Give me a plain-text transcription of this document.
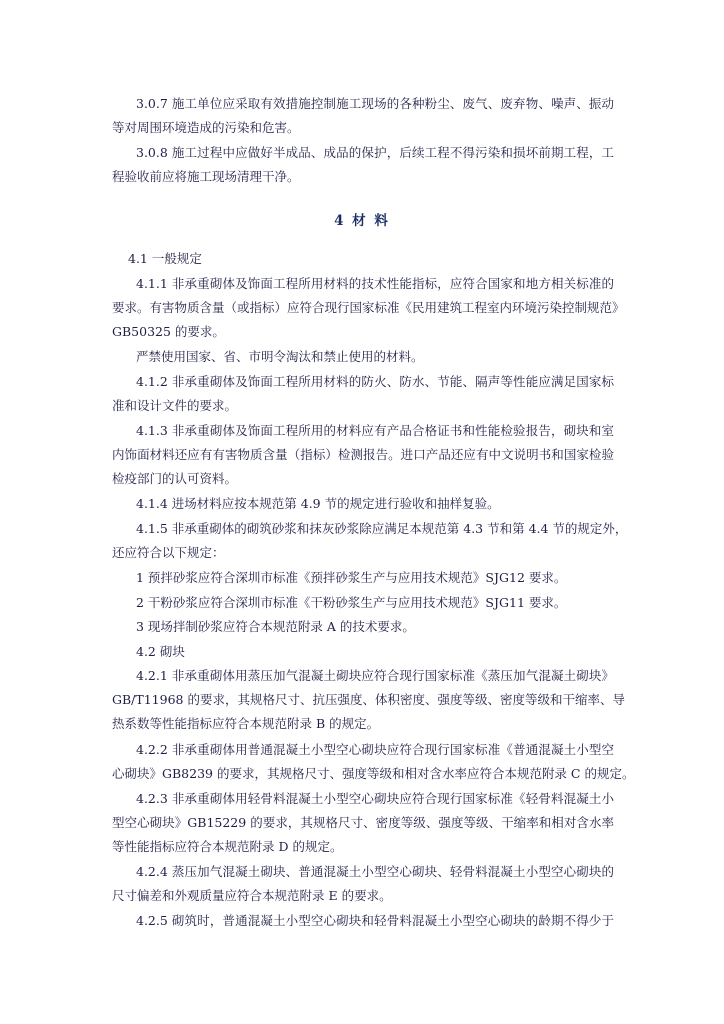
3.0.7 施工单位应采取有效措施控制施工现场的各种粉尘、废气、废弃物、噪声、振动
等对周围环境造成的污染和危害。
3.0.8 施工过程中应做好半成品、成品的保护，后续工程不得污染和损坏前期工程，工
程验收前应将施工现场清理干净。
4 材 料
4.1 一般规定
4.1.1 非承重砌体及饰面工程所用材料的技术性能指标，应符合国家和地方相关标准的
要求。有害物质含量（或指标）应符合现行国家标准《民用建筑工程室内环境污染控制规范》
GB50325 的要求。
严禁使用国家、省、市明令淘汰和禁止使用的材料。
4.1.2 非承重砌体及饰面工程所用材料的防火、防水、节能、隔声等性能应满足国家标
准和设计文件的要求。
4.1.3 非承重砌体及饰面工程所用的材料应有产品合格证书和性能检验报告，砌块和室
内饰面材料还应有有害物质含量（指标）检测报告。进口产品还应有中文说明书和国家检验
检疫部门的认可资料。
4.1.4 进场材料应按本规范第 4.9 节的规定进行验收和抽样复验。
4.1.5 非承重砌体的砌筑砂浆和抹灰砂浆除应满足本规范第 4.3 节和第 4.4 节的规定外，
还应符合以下规定：
1 预拌砂浆应符合深圳市标准《预拌砂浆生产与应用技术规范》SJG12 要求。
2 干粉砂浆应符合深圳市标准《干粉砂浆生产与应用技术规范》SJG11 要求。
3 现场拌制砂浆应符合本规范附录 A 的技术要求。
4.2 砌块
4.2.1 非承重砌体用蒸压加气混凝土砌块应符合现行国家标准《蒸压加气混凝土砌块》
GB/T11968 的要求，其规格尺寸、抗压强度、体积密度、强度等级、密度等级和干缩率、导
热系数等性能指标应符合本规范附录 B 的规定。
4.2.2 非承重砌体用普通混凝土小型空心砌块应符合现行国家标准《普通混凝土小型空
心砌块》GB8239 的要求，其规格尺寸、强度等级和相对含水率应符合本规范附录 C 的规定。
4.2.3 非承重砌体用轻骨料混凝土小型空心砌块应符合现行国家标准《轻骨料混凝土小
型空心砌块》GB15229 的要求，其规格尺寸、密度等级、强度等级、干缩率和相对含水率
等性能指标应符合本规范附录 D 的规定。
4.2.4 蒸压加气混凝土砌块、普通混凝土小型空心砌块、轻骨料混凝土小型空心砌块的
尺寸偏差和外观质量应符合本规范附录 E 的要求。
4.2.5 砌筑时，普通混凝土小型空心砌块和轻骨料混凝土小型空心砌块的龄期不得少于
